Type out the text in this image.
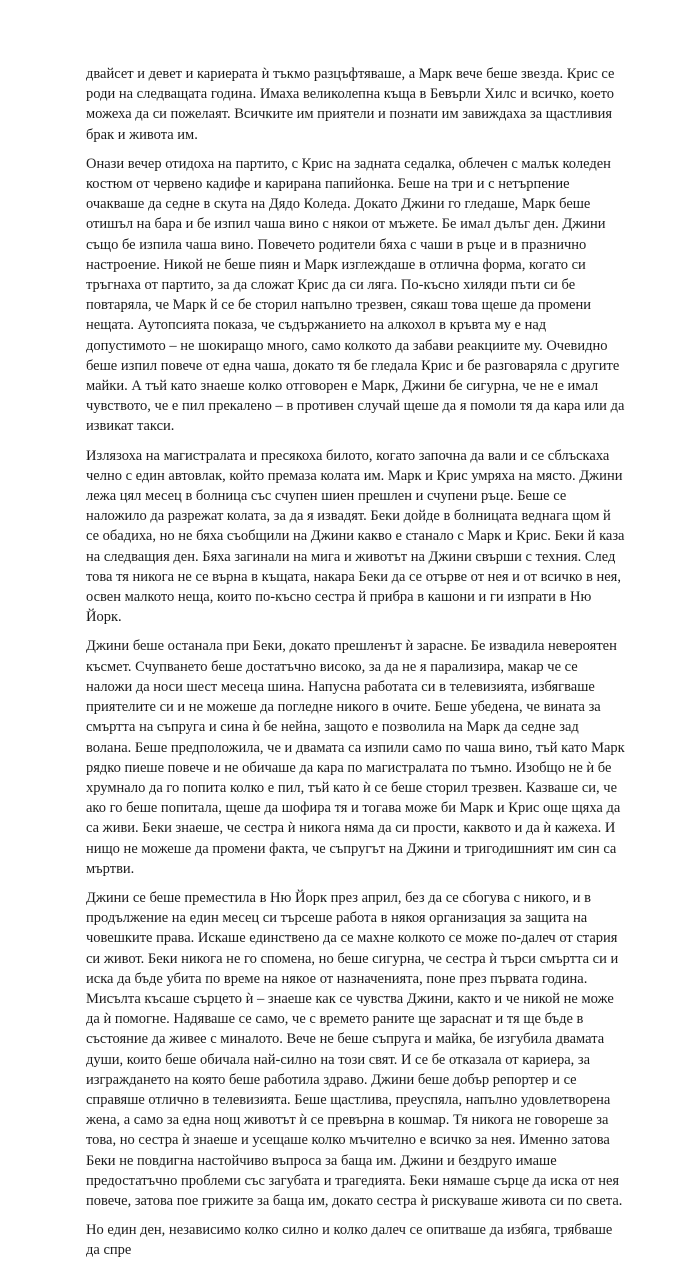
двайсет и девет и кариерата ѝ тъкмо разцъфтяваше, а Марк вече беше звезда. Крис се роди на следващата година. Имаха великолепна къща в Бевърли Хилс и всичко, което можеха да си пожелаят. Всичките им приятели и познати им завиждаха за щастливия брак и живота им.

Онази вечер отидоха на партито, с Крис на задната седалка, облечен с малък коледен костюм от червено кадифе и карирана папийонка. Беше на три и с нетърпение очакваше да седне в скута на Дядо Коледа. Докато Джини го гледаше, Марк беше отишъл на бара и бе изпил чаша вино с някои от мъжете. Бе имал дълъг ден. Джини също бе изпила чаша вино. Повечето родители бяха с чаши в ръце и в празнично настроение. Никой не беше пиян и Марк изглеждаше в отлична форма, когато си тръгнаха от партито, за да сложат Крис да си ляга. По-късно хиляди пъти си бе повтаряла, че Марк й се бе сторил напълно трезвен, сякаш това щеше да промени нещата. Аутопсията показа, че съдържанието на алкохол в кръвта му е над допустимото – не шокиращо много, само колкото да забави реакциите му. Очевидно беше изпил повече от една чаша, докато тя бе гледала Крис и бе разговаряла с другите майки. А тъй като знаеше колко отговорен е Марк, Джини бе сигурна, че не е имал чувството, че е пил прекалено – в противен случай щеше да я помоли тя да кара или да извикат такси.

Излязоха на магистралата и пресякоха билото, когато започна да вали и се сблъскаха челно с един автовлак, който премаза колата им. Марк и Крис умряха на място. Джини лежа цял месец в болница със счупен шиен прешлен и счупени ръце. Беше се наложило да разрежат колата, за да я извадят. Беки дойде в болницата веднага щом й се обадиха, но не бяха съобщили на Джини какво е станало с Марк и Крис. Беки й каза на следващия ден. Бяха загинали на мига и животът на Джини свърши с техния. След това тя никога не се върна в къщата, накара Беки да се отърве от нея и от всичко в нея, освен малкото неща, които по-късно сестра й прибра в кашони и ги изпрати в Ню Йорк.

Джини беше останала при Беки, докато прешленът ѝ зарасне. Бе извадила невероятен късмет. Счупването беше достатъчно високо, за да не я парализира, макар че се наложи да носи шест месеца шина. Напусна работата си в телевизията, избягваше приятелите си и не можеше да погледне никого в очите. Беше убедена, че вината за смъртта на съпруга и сина ѝ бе нейна, защото е позволила на Марк да седне зад волана. Беше предположила, че и двамата са изпили само по чаша вино, тъй като Марк рядко пиеше повече и не обичаше да кара по магистралата по тъмно. Изобщо не ѝ бе хрумнало да го попита колко е пил, тъй като ѝ се беше сторил трезвен. Казваше си, че ако го беше попитала, щеше да шофира тя и тогава може би Марк и Крис още щяха да са живи. Беки знаеше, че сестра ѝ никога няма да си прости, каквото и да ѝ кажеха. И нищо не можеше да промени факта, че съпругът на Джини и тригодишният им син са мъртви.

Джини се беше преместила в Ню Йорк през април, без да се сбогува с никого, и в продължение на един месец си търсеше работа в някоя организация за защита на човешките права. Искаше единствено да се махне колкото се може по-далеч от стария си живот. Беки никога не го спомена, но беше сигурна, че сестра ѝ търси смъртта си и иска да бъде убита по време на някое от назначенията, поне през първата година. Мисълта късаше сърцето ѝ – знаеше как се чувства Джини, както и че никой не може да ѝ помогне. Надяваше се само, че с времето раните ще зараснат и тя ще бъде в състояние да живее с миналото. Вече не беше съпруга и майка, бе изгубила двамата души, които беше обичала най-силно на този свят. И се бе отказала от кариера, за изграждането на която беше работила здраво. Джини беше добър репортер и се справяше отлично в телевизията. Беше щастлива, преуспяла, напълно удовлетворена жена, а само за една нощ животът ѝ се превърна в кошмар. Тя никога не говореше за това, но сестра ѝ знаеше и усещаше колко мъчително е всичко за нея. Именно затова Беки не повдигна настойчиво въпроса за баща им. Джини и бездруго имаше предостатъчно проблеми със загубата и трагедията. Беки нямаше сърце да иска от нея повече, затова пое грижите за баща им, докато сестра ѝ рискуваше живота си по света.

Но един ден, независимо колко силно и колко далеч се опитваше да избяга, трябваше да спре
